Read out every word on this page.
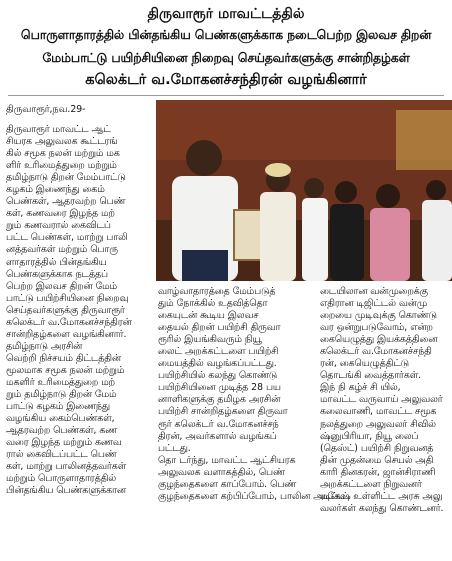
திருவாரூர் மாவட்டத்தில்
பொருளாதாரத்தில் பின்தங்கிய பெண்களுக்காக நடைபெற்ற இலவச திறன்
மேம்பாட்டு பயிற்சியினை நிறைவு செய்தவர்களுக்கு சான்றிதழ்கள்
கலெக்டர் வ.மோகனச்சந்திரன் வழங்கினார்
திருவாரூர்,நவ.29-
திருவாரூர் மாவட்ட ஆட்
சியரக அலுவலக கூட்டரங்
கில் சமூக நலன் மற்றும் மக
ளிர் உரிமைத்துறை மற்றும்
தமிழ்நாடு திறன் மேம்பாட்டு
கழகம் இணைந்து கைம்
பெண்கள், ஆதரவற்ற பெண்
கள், கணவரை இழந்த மற்
றும் கணவரால் கைவிடப்
பட்ட பெண்கள், மாற்று பாலி
னத்தவர்கள் மற்றும் பொரு
ளாதாரத்தில் பின்தங்கிய
பெண்களுக்காக நடத்தப்
பெற்ற இலவச திறன் மேம்
பாட்டு பயிற்சியினை நிறைவு
செய்தவர்களுக்கு திருவாரூர்
கலெக்டர் வ.மோகனச்சந்திரன்
சான்றிதழ்களை வழங்கினார்.
தமிழ்நாடு அரசின்
வெற்றி நிச்சயம் திட்டத்தின்
மூலமாக சமூக நலன் மற்றும்
மகளிர் உரிமைத்துறை மற்
றும் தமிழ்நாடு திறன் மேம்
பாட்டு கழகம் இணைந்து
வழங்கிய கைம்பெண்கள்,
ஆதரவற்ற பெண்கள், கண
வரை இழந்த மற்றும் கணவ
ரால் கைவிடப்பட்ட பெண்
கள், மாற்று பாலினத்தவர்கள்
மற்றும் பொருளாதாரத்தில்
பின்தங்கிய பெண்களுக்கான
வாழ்வாதாரத்தை மேம்படுத்
தும் நோக்கில் உதவித்தொ
கையுடன் கூடிய இலவச
தையல் திறன் பயிற்சி திருவா
ரூரில் இயங்கிவரும் நியூ
லைட் அறக்கட்டளை பயிற்சி
மையத்தில் வழங்கப்பட்டது.
பயிற்சியில் கலந்து கொண்டு
பயிற்சியினை முடித்த 28 பய
னாளிகளுக்கு தமிழக அரசின்
பயிற்சி சான்றிதழ்களை திருவா
ரூர் கலெக்டர் வ.மோகனச்சந்
திரன், அவர்களால் வழங்கப்
பட்டது.
தொ டர்ந்து, மாவட்ட ஆட்சியரக
அலுவலக வளாகத்தில், பெண்
குழந்தைகளை காப்போம். பெண்
குழந்தைகளை கற்பிப்போம், பாலின அடிப்ப
டையிலான வன்முறைக்கு
எதிரான டிஜிட்டல் வன்மு
றையை முடிவுக்கு கொண்டு
வர ஒன்றுபடுவோம், என்ற
கையெழுத்து இயக்கத்தினை
கலெக்டர் வ.மோகனச்சந்தி
ரன், கையெழுத்திட்டு
தொடங்கி வைத்தார்கள்.
இந் நி கழ்ச் சி யில்,
மாவட்ட வருவாய் அலுவலர்
கலைவாணி, மாவட்ட சமூக
நலத்துறை அலுவலர் சிவில்
ஷ்னுபிரியா, நியூ லைப்
(தெஸ்ட்) பயிற்சி நிறுவனத்
தின் முதன்மை செயல் அதி
காரி தினகரன், ஜான்சிராணி
அறக்கட்டளை நிறுவனர்
மகேஷ் உள்ளிட்ட அரசு அலு
வலர்கள் கலந்து கொண்டனர்.
